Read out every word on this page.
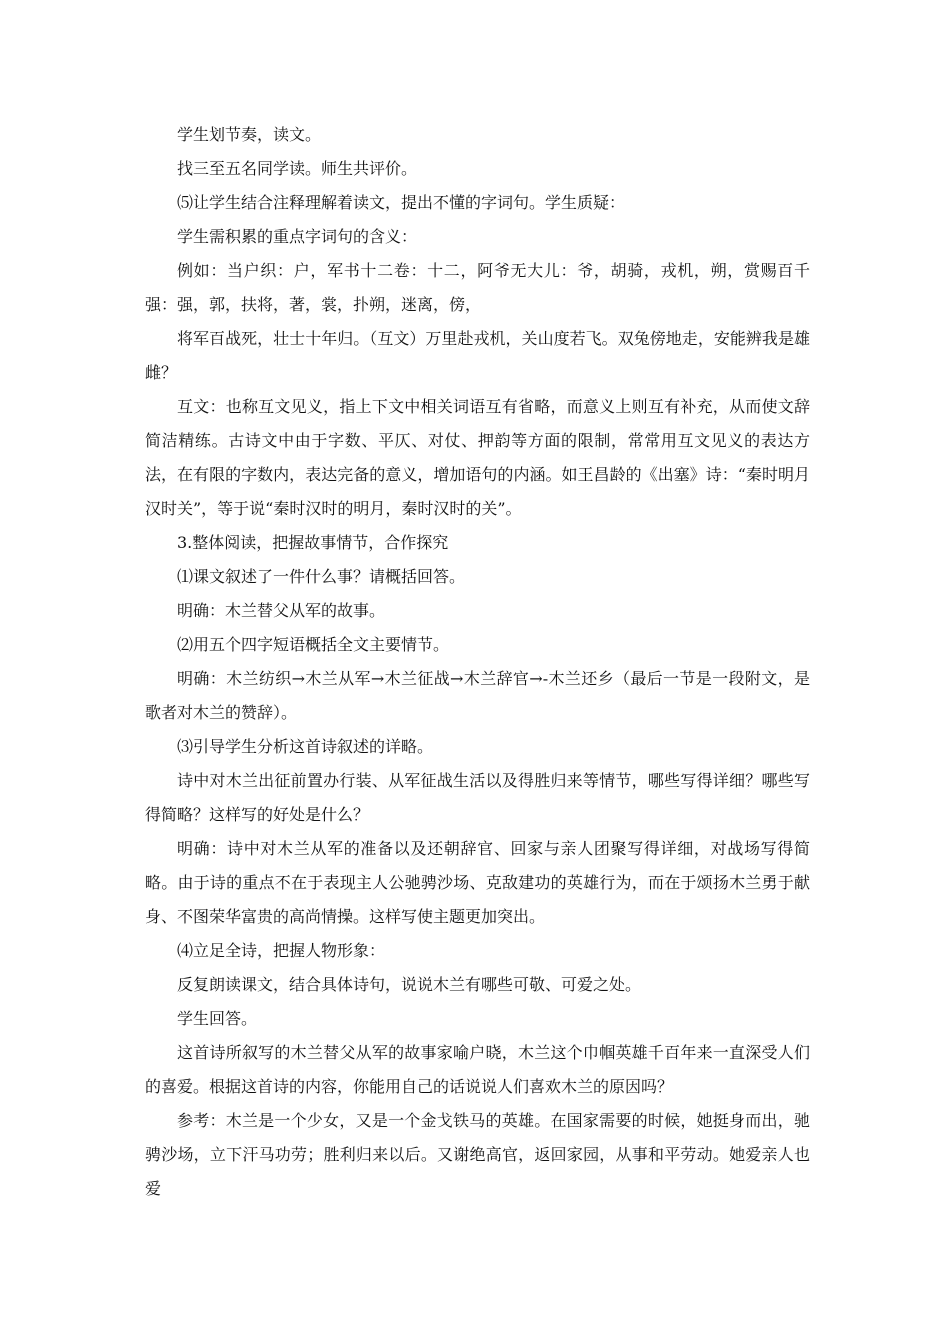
学生划节奏，读文。

找三至五名同学读。师生共评价。

⑸让学生结合注释理解着读文，提出不懂的字词句。学生质疑：

学生需积累的重点字词句的含义：

例如：当户织：户，军书十二卷：十二，阿爷无大儿：爷，胡骑，戎机，朔，赏赐百千强：强，郭，扶将，著，裳，扑朔，迷离，傍，

将军百战死，壮士十年归。（互文）万里赴戎机，关山度若飞。双兔傍地走，安能辨我是雄雌？

互文：也称互文见义，指上下文中相关词语互有省略，而意义上则互有补充，从而使文辞简洁精练。古诗文中由于字数、平仄、对仗、押韵等方面的限制，常常用互文见义的表达方法，在有限的字数内，表达完备的意义，增加语句的内涵。如王昌龄的《出塞》诗：“秦时明月汉时关”，等于说“秦时汉时的明月，秦时汉时的关”。

3.整体阅读，把握故事情节，合作探究

⑴课文叙述了一件什么事？请概括回答。

明确：木兰替父从军的故事。

⑵用五个四字短语概括全文主要情节。

明确：木兰纺织→木兰从军→木兰征战→木兰辞官→-木兰还乡（最后一节是一段附文，是歌者对木兰的赞辞）。

⑶引导学生分析这首诗叙述的详略。

诗中对木兰出征前置办行装、从军征战生活以及得胜归来等情节，哪些写得详细？哪些写得简略？这样写的好处是什么？

明确：诗中对木兰从军的准备以及还朝辞官、回家与亲人团聚写得详细，对战场写得简略。由于诗的重点不在于表现主人公驰骋沙场、克敌建功的英雄行为，而在于颂扬木兰勇于献身、不图荣华富贵的高尚情操。这样写使主题更加突出。

⑷立足全诗，把握人物形象：

反复朗读课文，结合具体诗句，说说木兰有哪些可敬、可爱之处。

学生回答。

这首诗所叙写的木兰替父从军的故事家喻户晓，木兰这个巾帼英雄千百年来一直深受人们的喜爱。根据这首诗的内容，你能用自己的话说说人们喜欢木兰的原因吗？

参考：木兰是一个少女，又是一个金戈铁马的英雄。在国家需要的时候，她挺身而出，驰骋沙场，立下汗马功劳；胜利归来以后。又谢绝高官，返回家园，从事和平劳动。她爱亲人也爱
